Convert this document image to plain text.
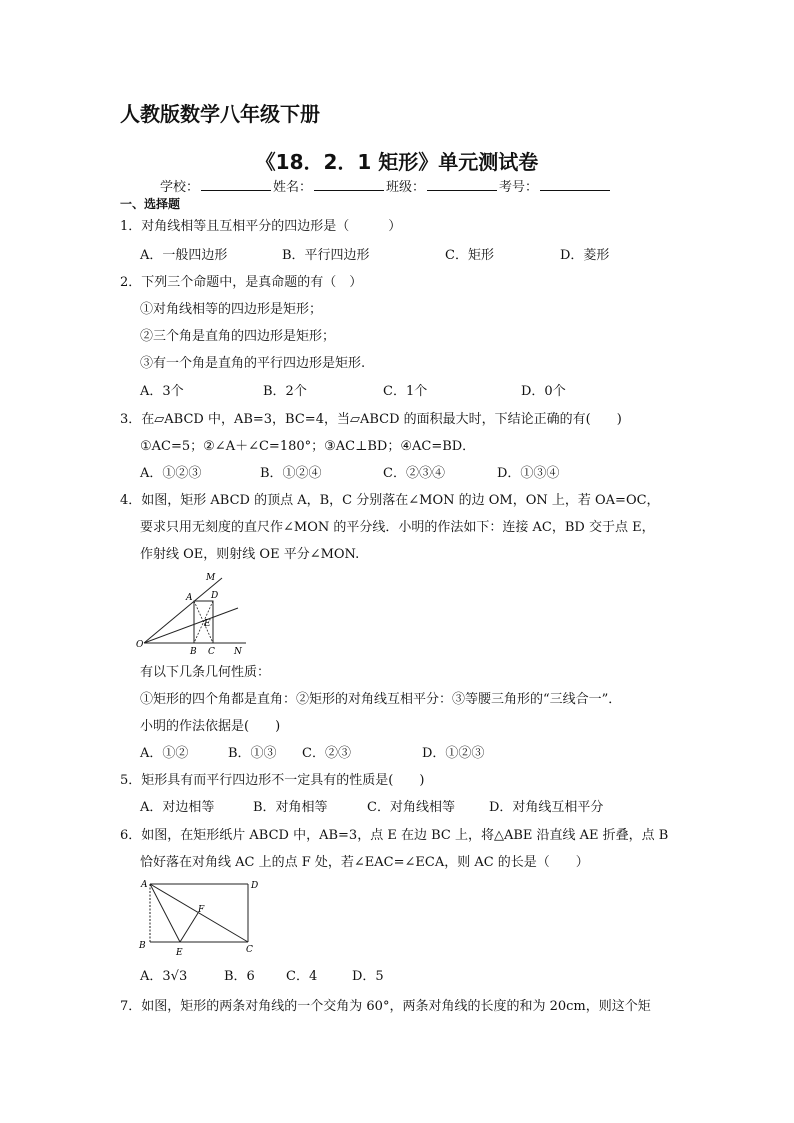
人教版数学八年级下册
《18．2．1 矩形》单元测试卷
学校：	姓名：	班级：	考号：
一、选择题
1．对角线相等且互相平分的四边形是（　　　）
A．一般四边形	B．平行四边形	C．矩形	D．菱形
2．下列三个命题中，是真命题的有（　）
①对角线相等的四边形是矩形；
②三个角是直角的四边形是矩形；
③有一个角是直角的平行四边形是矩形.
A．3个	B．2个	C．1个	D．0个
3．在▱ABCD 中，AB=3，BC=4，当▱ABCD 的面积最大时，下结论正确的有(　　)
①AC=5；②∠A＋∠C=180°；③AC⊥BD；④AC=BD．
A．①②③	B．①②④	C．②③④	D．①③④
4．如图，矩形 ABCD 的顶点 A，B，C 分别落在∠MON 的边 OM，ON 上，若 OA=OC，
要求只用无刻度的直尺作∠MON 的平分线．小明的作法如下：连接 AC，BD 交于点 E，
作射线 OE，则射线 OE 平分∠MON.
M
A D
E
O
B C N
有以下几条几何性质：
①矩形的四个角都是直角：②矩形的对角线互相平分：③等腰三角形的“三线合一”．
小明的作法依据是(　　)
A．①②	B．①③ C．②③	D．①②③
5．矩形具有而平行四边形不一定具有的性质是(　　)
A．对边相等	B．对角相等	C．对角线相等	D．对角线互相平分
6．如图，在矩形纸片 ABCD 中，AB=3，点 E 在边 BC 上，将△ABE 沿直线 AE 折叠，点 B
恰好落在对角线 AC 上的点 F 处，若∠EAC=∠ECA，则 AC 的长是（　　）
A	D
F
B
E	C
A．3√3	B．6 C．4	D．5
7．如图，矩形的两条对角线的一个交角为 60°，两条对角线的长度的和为 20cm，则这个矩
